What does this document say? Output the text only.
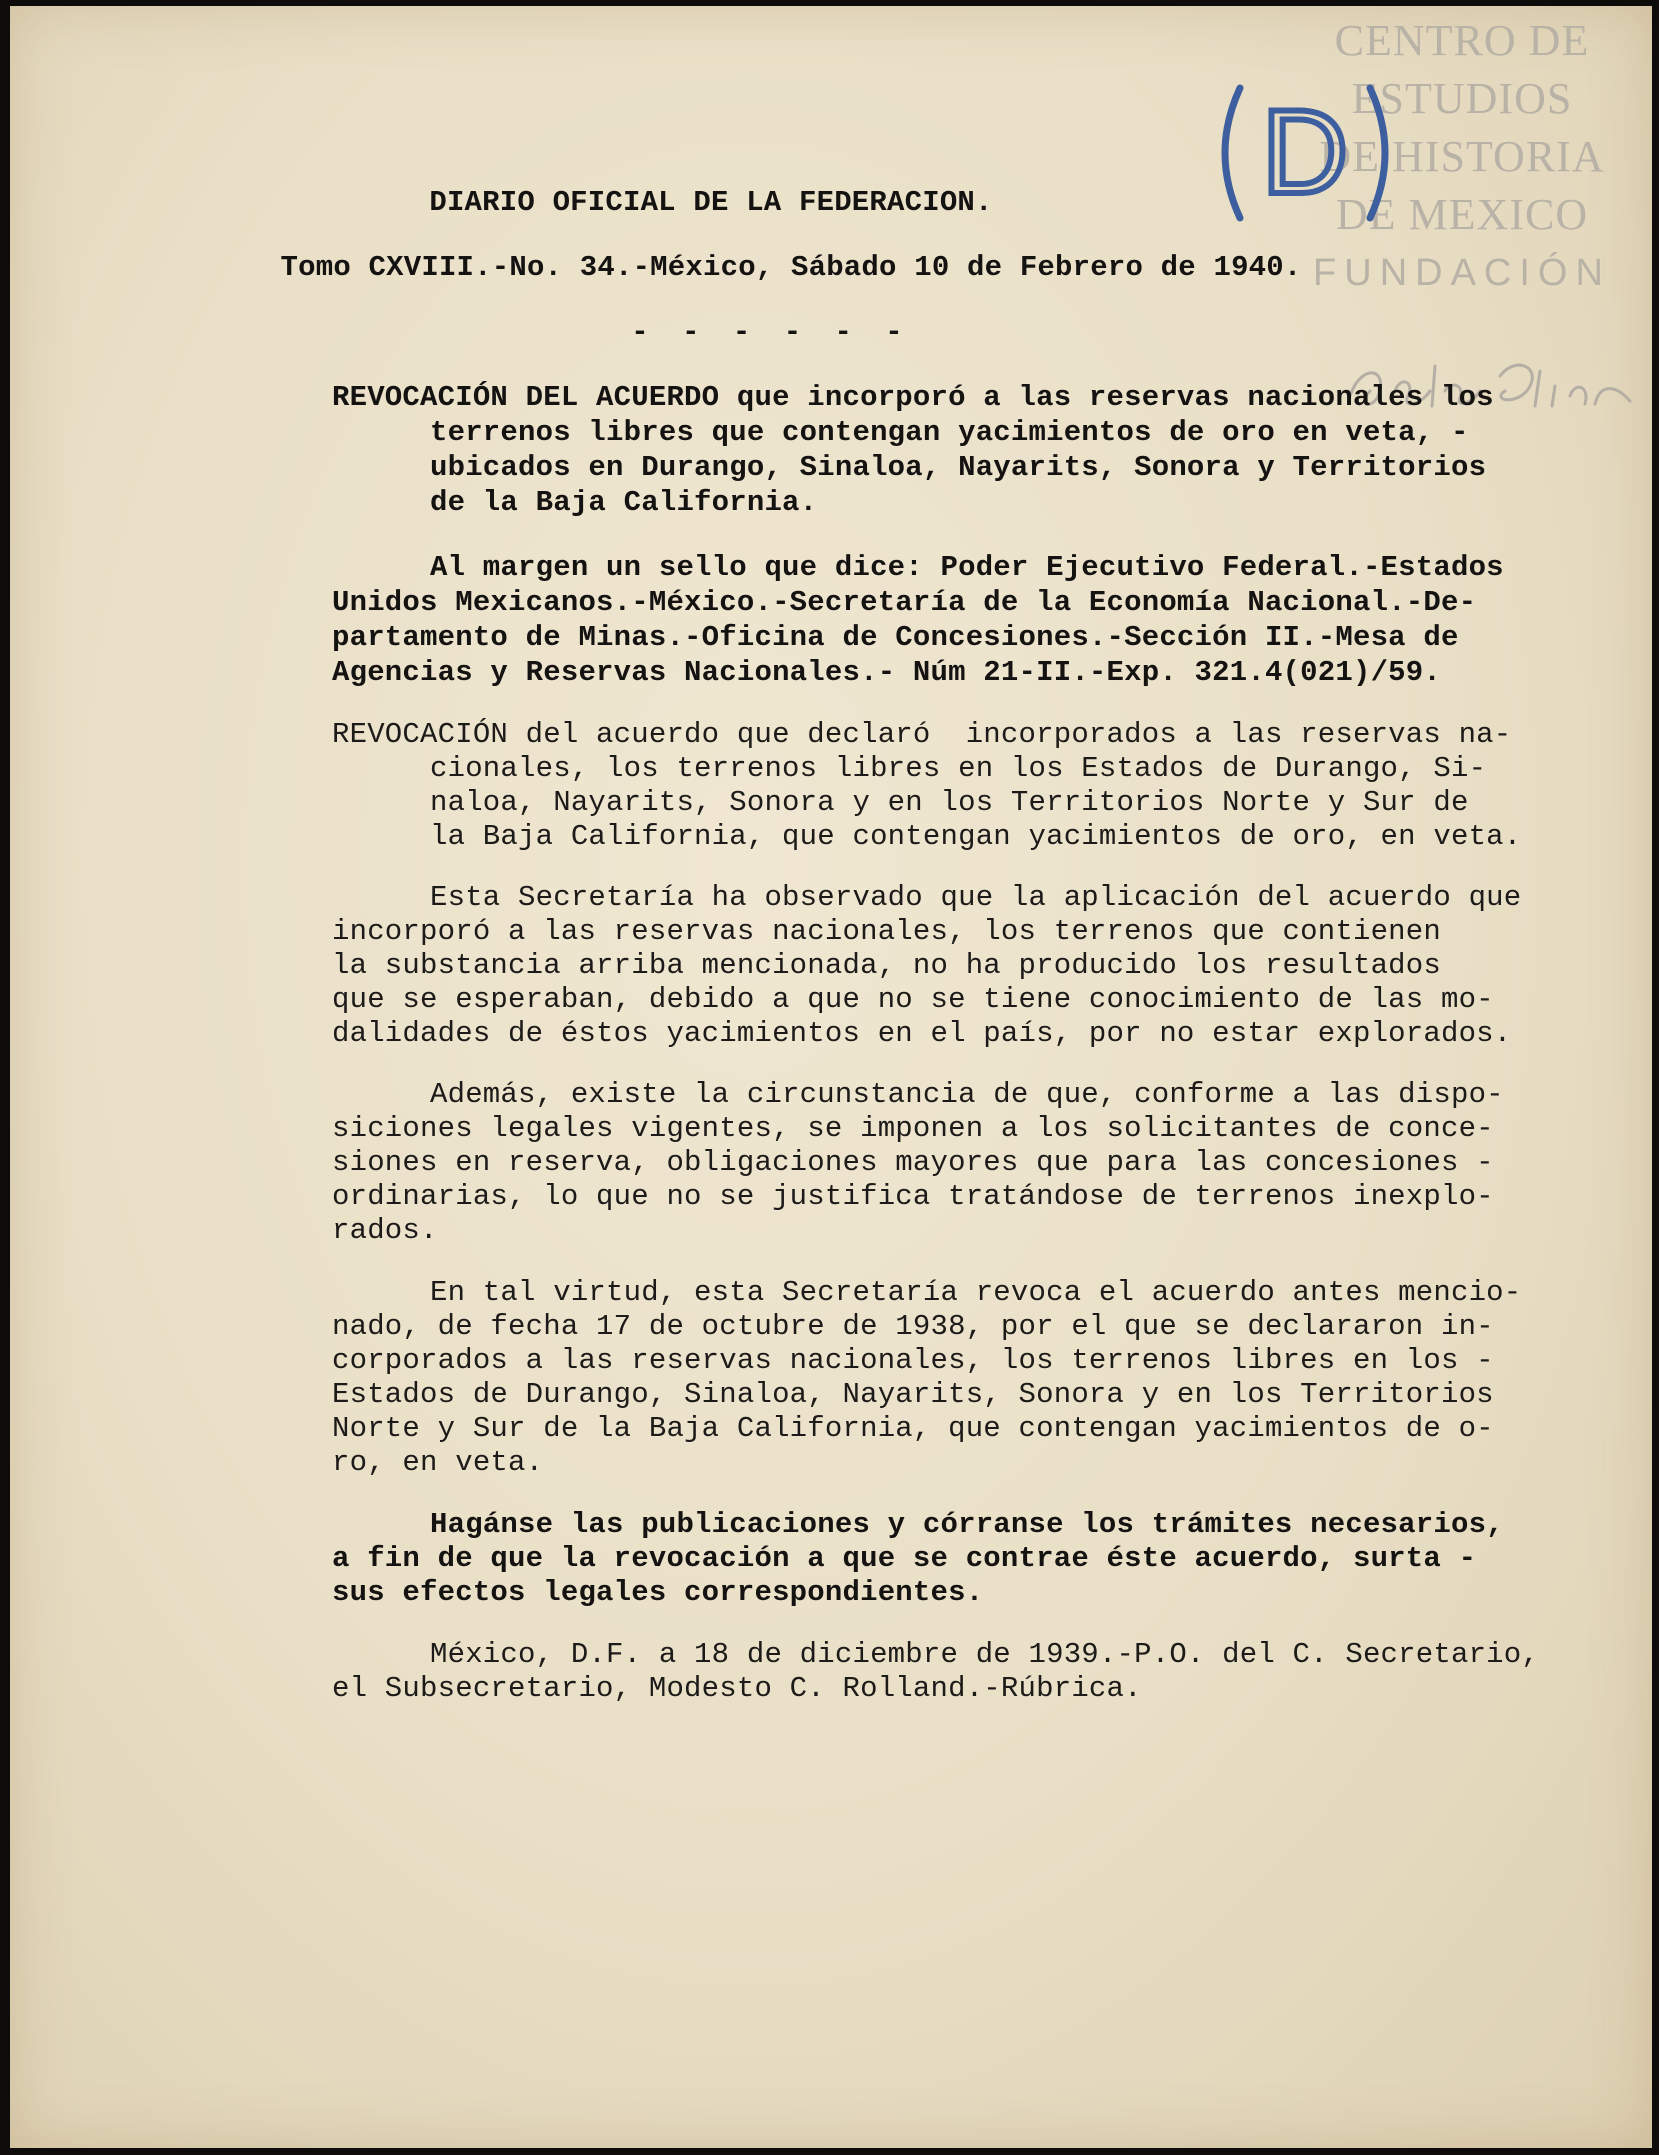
CENTRO DE
ESTUDIOS
DE HISTORIA
DE MEXICO
FUNDACIÓN
D
DIARIO OFICIAL DE LA FEDERACION.
Tomo CXVIII.-No. 34.-México, Sábado 10 de Febrero de 1940.
- - - - - -
REVOCACIÓN DEL ACUERDO que incorporó a las reservas nacionales los
terrenos libres que contengan yacimientos de oro en veta, -
ubicados en Durango, Sinaloa, Nayarits, Sonora y Territorios
de la Baja California.
Al margen un sello que dice: Poder Ejecutivo Federal.-Estados
Unidos Mexicanos.-México.-Secretaría de la Economía Nacional.-De-
partamento de Minas.-Oficina de Concesiones.-Sección II.-Mesa de
Agencias y Reservas Nacionales.- Núm 21-II.-Exp. 321.4(021)/59.
REVOCACIÓN del acuerdo que declaró  incorporados a las reservas na-
cionales, los terrenos libres en los Estados de Durango, Si-
naloa, Nayarits, Sonora y en los Territorios Norte y Sur de
la Baja California, que contengan yacimientos de oro, en veta.
Esta Secretaría ha observado que la aplicación del acuerdo que
incorporó a las reservas nacionales, los terrenos que contienen
la substancia arriba mencionada, no ha producido los resultados
que se esperaban, debido a que no se tiene conocimiento de las mo-
dalidades de éstos yacimientos en el país, por no estar explorados.
Además, existe la circunstancia de que, conforme a las dispo-
siciones legales vigentes, se imponen a los solicitantes de conce-
siones en reserva, obligaciones mayores que para las concesiones -
ordinarias, lo que no se justifica tratándose de terrenos inexplo-
rados.
En tal virtud, esta Secretaría revoca el acuerdo antes mencio-
nado, de fecha 17 de octubre de 1938, por el que se declararon in-
corporados a las reservas nacionales, los terrenos libres en los -
Estados de Durango, Sinaloa, Nayarits, Sonora y en los Territorios
Norte y Sur de la Baja California, que contengan yacimientos de o-
ro, en veta.
Hagánse las publicaciones y córranse los trámites necesarios,
a fin de que la revocación a que se contrae éste acuerdo, surta -
sus efectos legales correspondientes.
México, D.F. a 18 de diciembre de 1939.-P.O. del C. Secretario,
el Subsecretario, Modesto C. Rolland.-Rúbrica.
